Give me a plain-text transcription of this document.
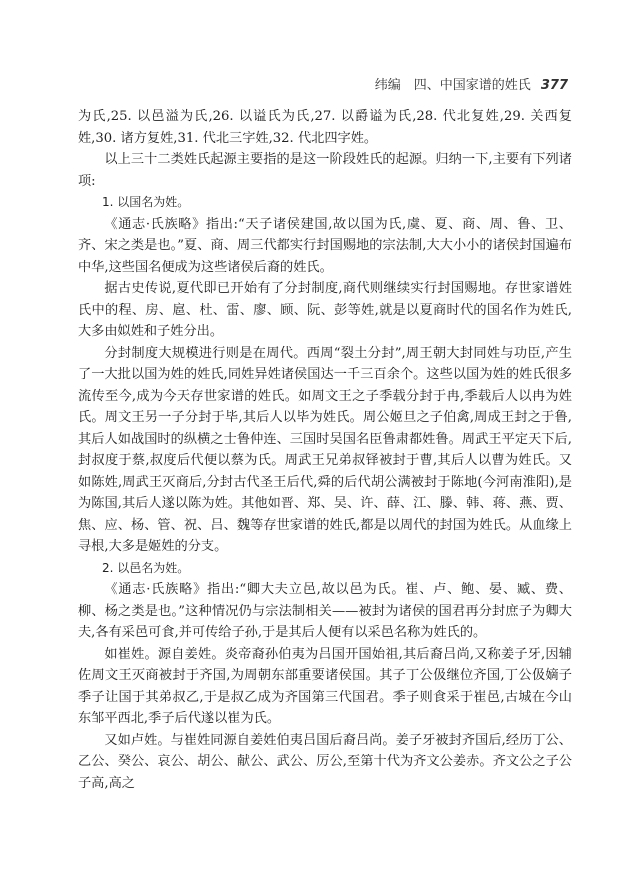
纬编　四、中国家谱的姓氏 377

为氏,25. 以邑溢为氏,26. 以谥氏为氏,27. 以爵谥为氏,28. 代北复姓,29. 关西复姓,30. 诸方复姓,31. 代北三字姓,32. 代北四字姓。

以上三十二类姓氏起源主要指的是这一阶段姓氏的起源。归纳一下,主要有下列诸项:

1. 以国名为姓。

《通志·氏族略》指出:“天子诸侯建国,故以国为氏,虞、夏、商、周、鲁、卫、齐、宋之类是也。”夏、商、周三代都实行封国赐地的宗法制,大大小小的诸侯封国遍布中华,这些国名便成为这些诸侯后裔的姓氏。

据古史传说,夏代即已开始有了分封制度,商代则继续实行封国赐地。存世家谱姓氏中的程、房、扈、杜、雷、廖、顾、阮、彭等姓,就是以夏商时代的国名作为姓氏,大多由姒姓和子姓分出。

分封制度大规模进行则是在周代。西周“裂土分封”,周王朝大封同姓与功臣,产生了一大批以国为姓的姓氏,同姓异姓诸侯国达一千三百余个。这些以国为姓的姓氏很多流传至今,成为今天存世家谱的姓氏。如周文王之子季载分封于冉,季载后人以冉为姓氏。周文王另一子分封于毕,其后人以毕为姓氏。周公姬旦之子伯禽,周成王封之于鲁,其后人如战国时的纵横之士鲁仲连、三国时吴国名臣鲁肃都姓鲁。周武王平定天下后,封叔度于蔡,叔度后代便以蔡为氏。周武王兄弟叔铎被封于曹,其后人以曹为姓氏。又如陈姓,周武王灭商后,分封古代圣王后代,舜的后代胡公满被封于陈地(今河南淮阳),是为陈国,其后人遂以陈为姓。其他如晋、郑、吴、许、薛、江、滕、韩、蒋、燕、贾、焦、应、杨、管、祝、吕、魏等存世家谱的姓氏,都是以周代的封国为姓氏。从血缘上寻根,大多是姬姓的分支。

2. 以邑名为姓。

《通志·氏族略》指出:“卿大夫立邑,故以邑为氏。崔、卢、鲍、晏、臧、费、柳、杨之类是也。”这种情况仍与宗法制相关——被封为诸侯的国君再分封庶子为卿大夫,各有采邑可食,并可传给子孙,于是其后人便有以采邑名称为姓氏的。

如崔姓。源自姜姓。炎帝裔孙伯夷为吕国开国始祖,其后裔吕尚,又称姜子牙,因辅佐周文王灭商被封于齐国,为周朝东部重要诸侯国。其子丁公伋继位齐国,丁公伋嫡子季子让国于其弟叔乙,于是叔乙成为齐国第三代国君。季子则食采于崔邑,古城在今山东邹平西北,季子后代遂以崔为氏。

又如卢姓。与崔姓同源自姜姓伯夷吕国后裔吕尚。姜子牙被封齐国后,经历丁公、乙公、癸公、哀公、胡公、献公、武公、厉公,至第十代为齐文公姜赤。齐文公之子公子高,高之
